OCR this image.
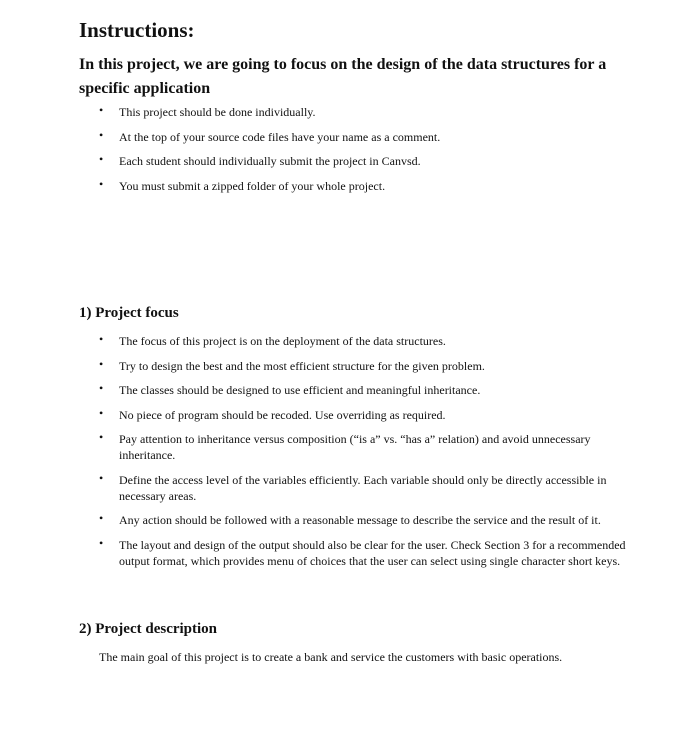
Instructions:

In this project, we are going to focus on the design of the data structures for a specific application

• This project should be done individually.
• At the top of your source code files have your name as a comment.
• Each student should individually submit the project in Canvsd.
• You must submit a zipped folder of your whole project.
1) Project focus
• The focus of this project is on the deployment of the data structures.
• Try to design the best and the most efficient structure for the given problem.
• The classes should be designed to use efficient and meaningful inheritance.
• No piece of program should be recoded. Use overriding as required.
• Pay attention to inheritance versus composition (“is a” vs. “has a” relation) and avoid unnecessary inheritance.
• Define the access level of the variables efficiently. Each variable should only be directly accessible in necessary areas.
• Any action should be followed with a reasonable message to describe the service and the result of it.
• The layout and design of the output should also be clear for the user. Check Section 3 for a recommended output format, which provides menu of choices that the user can select using single character short keys.
2) Project description

The main goal of this project is to create a bank and service the customers with basic operations.
